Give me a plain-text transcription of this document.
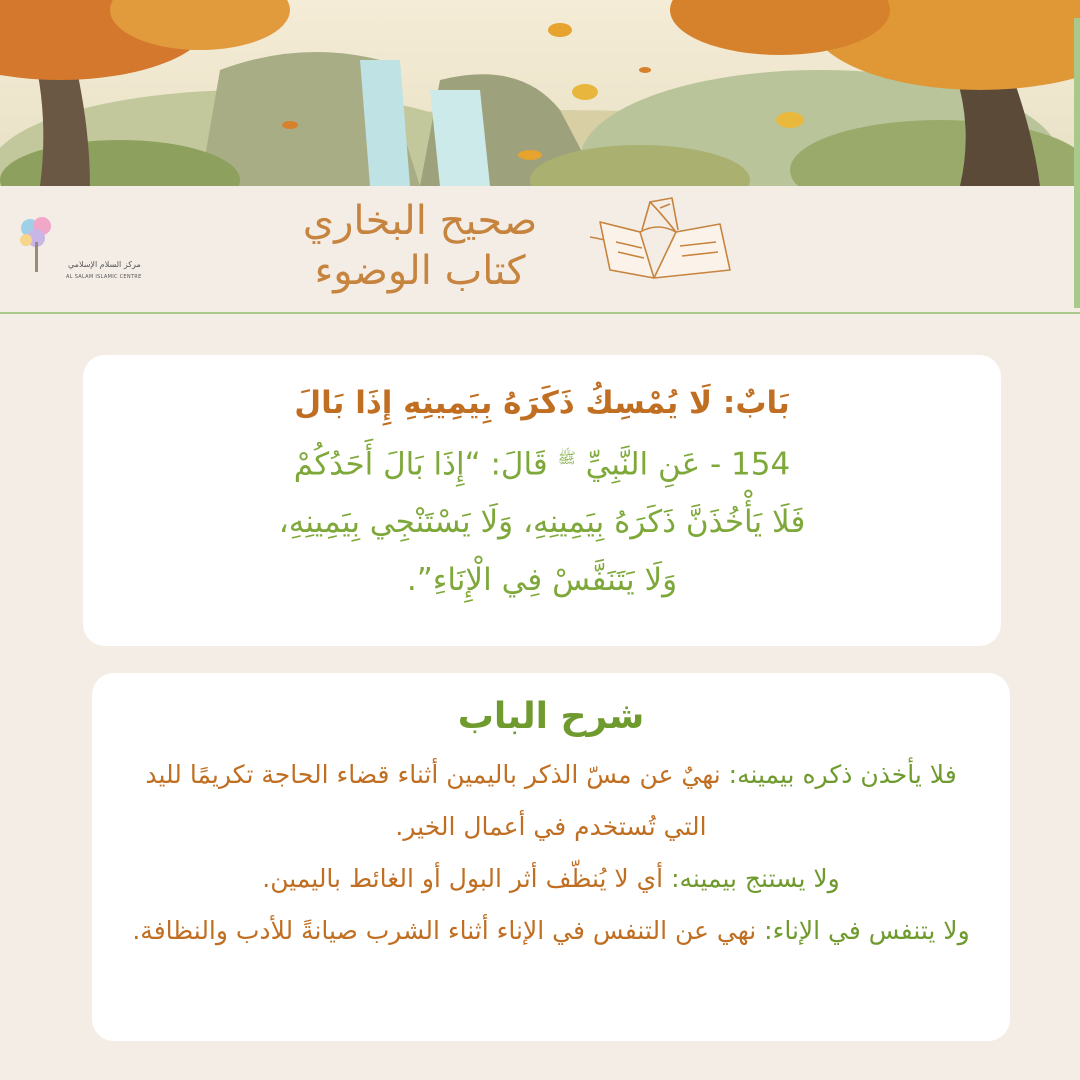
مركز السلام الإسلامي
AL SALAM ISLAMIC CENTRE
صحيح البخاري
كتاب الوضوء
بَابٌ: لَا يُمْسِكُ ذَكَرَهُ بِيَمِينِهِ إِذَا بَالَ
154 - عَنِ النَّبِيِّ $^ﷺ$ قَالَ: “إِذَا بَالَ أَحَدُكُمْ
فَلَا يَأْخُذَنَّ ذَكَرَهُ بِيَمِينِهِ، وَلَا يَسْتَنْجِي بِيَمِينِهِ،
وَلَا يَتَنَفَّسْ فِي الْإِنَاءِ”.
شرح الباب
فلا يأخذن ذكره بيمينه: نهيٌ عن مسّ الذكر باليمين أثناء قضاء الحاجة تكريمًا لليد التي تُستخدم في أعمال الخير.
ولا يستنج بيمينه: أي لا يُنظّف أثر البول أو الغائط باليمين.
ولا يتنفس في الإناء: نهي عن التنفس في الإناء أثناء الشرب صيانةً للأدب والنظافة.
